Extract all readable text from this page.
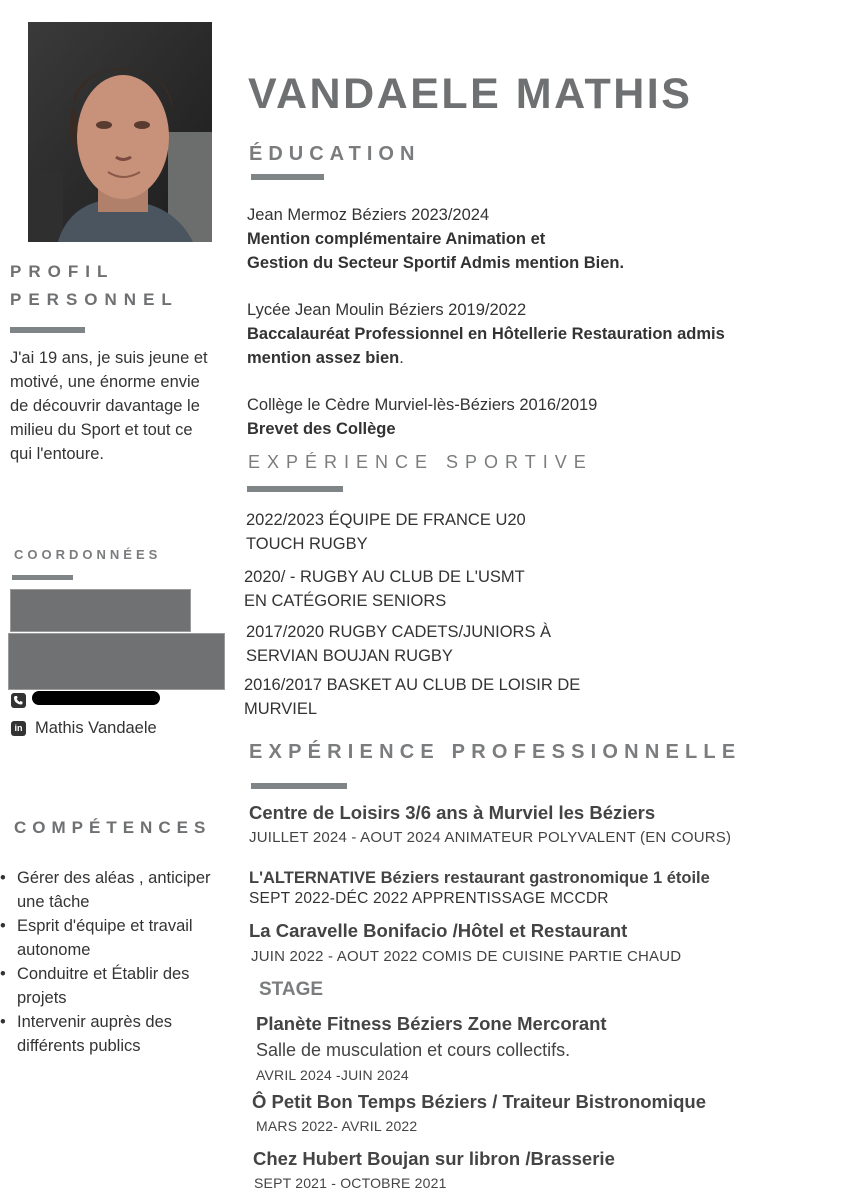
VANDAELE MATHIS
ÉDUCATION
Jean Mermoz Béziers 2023/2024
Mention complémentaire Animation et
Gestion du Secteur Sportif Admis mention Bien.
Lycée Jean Moulin Béziers 2019/2022
Baccalauréat Professionnel en Hôtellerie Restauration admis
mention assez bien.
Collège le Cèdre Murviel-lès-Béziers 2016/2019
Brevet des Collège
EXPÉRIENCE SPORTIVE
2022/2023 ÉQUIPE DE FRANCE U20
TOUCH RUGBY
2020/ - RUGBY AU CLUB DE L'USMT
EN CATÉGORIE SENIORS
2017/2020 RUGBY CADETS/JUNIORS À
SERVIAN BOUJAN RUGBY
2016/2017 BASKET AU CLUB DE LOISIR DE
MURVIEL
EXPÉRIENCE PROFESSIONNELLE
Centre de Loisirs 3/6 ans à Murviel les Béziers
JUILLET 2024 - AOUT 2024 ANIMATEUR POLYVALENT (EN COURS)
L'ALTERNATIVE Béziers restaurant gastronomique 1 étoile
SEPT 2022-DÉC 2022 APPRENTISSAGE MCCDR
La Caravelle Bonifacio /Hôtel et Restaurant
JUIN 2022 - AOUT 2022 COMIS DE CUISINE PARTIE CHAUD
STAGE
Planète Fitness Béziers Zone Mercorant
Salle de musculation et cours collectifs.
AVRIL 2024 -JUIN 2024
Ô Petit Bon Temps Béziers / Traiteur Bistronomique
MARS 2022- AVRIL 2022
Chez Hubert Boujan sur libron /Brasserie
SEPT 2021 - OCTOBRE 2021
PROFIL
PERSONNEL
J'ai 19 ans, je suis jeune et
motivé, une énorme envie
de découvrir davantage le
milieu du Sport et tout ce
qui l'entoure.
COORDONNÉES
in Mathis Vandaele
COMPÉTENCES
• Gérer des aléas , anticiper
une tâche
• Esprit d'équipe et travail
autonome
• Conduitre et Établir des
projets
• Intervenir auprès des
différents publics
